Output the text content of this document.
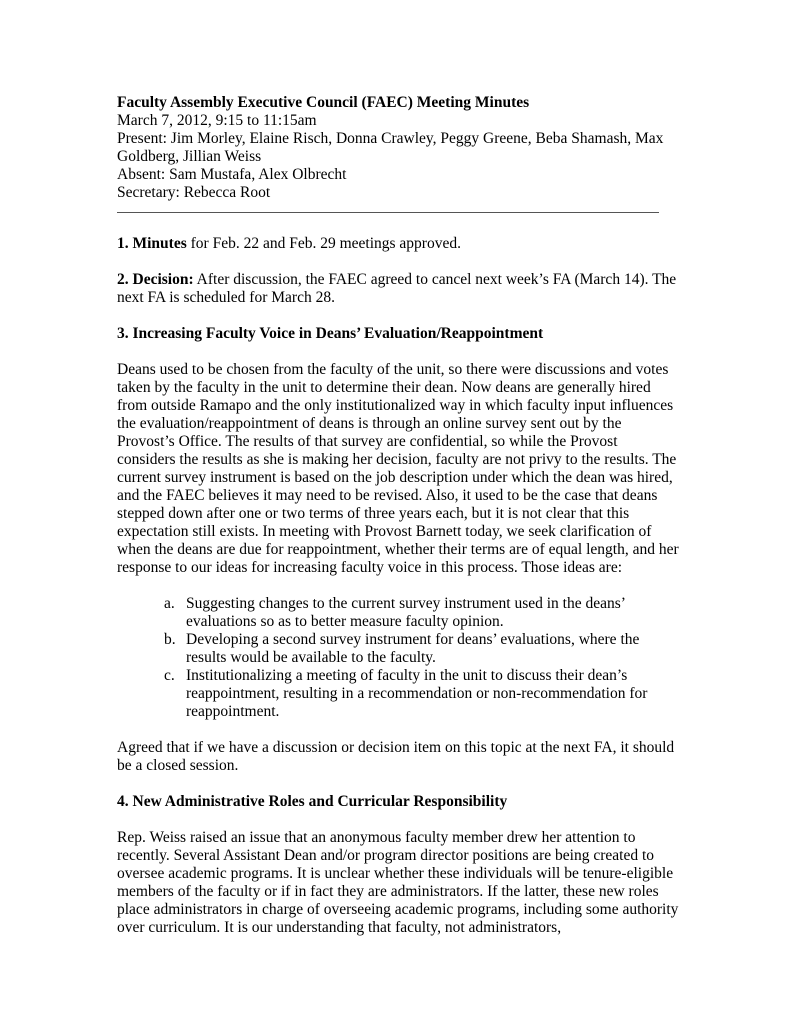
Faculty Assembly Executive Council (FAEC) Meeting Minutes

March 7, 2012, 9:15 to 11:15am

Present: Jim Morley, Elaine Risch, Donna Crawley, Peggy Greene, Beba Shamash, Max Goldberg, Jillian Weiss

Absent: Sam Mustafa, Alex Olbrecht

Secretary: Rebecca Root

1. Minutes for Feb. 22 and Feb. 29 meetings approved.

2. Decision: After discussion, the FAEC agreed to cancel next week’s FA (March 14). The next FA is scheduled for March 28.

3. Increasing Faculty Voice in Deans’ Evaluation/Reappointment

Deans used to be chosen from the faculty of the unit, so there were discussions and votes taken by the faculty in the unit to determine their dean. Now deans are generally hired from outside Ramapo and the only institutionalized way in which faculty input influences the evaluation/reappointment of deans is through an online survey sent out by the Provost’s Office. The results of that survey are confidential, so while the Provost considers the results as she is making her decision, faculty are not privy to the results. The current survey instrument is based on the job description under which the dean was hired, and the FAEC believes it may need to be revised. Also, it used to be the case that deans stepped down after one or two terms of three years each, but it is not clear that this expectation still exists. In meeting with Provost Barnett today, we seek clarification of when the deans are due for reappointment, whether their terms are of equal length, and her response to our ideas for increasing faculty voice in this process. Those ideas are:

a. Suggesting changes to the current survey instrument used in the deans’ evaluations so as to better measure faculty opinion.
b. Developing a second survey instrument for deans’ evaluations, where the results would be available to the faculty.
c. Institutionalizing a meeting of faculty in the unit to discuss their dean’s reappointment, resulting in a recommendation or non-recommendation for reappointment.

Agreed that if we have a discussion or decision item on this topic at the next FA, it should be a closed session.

4. New Administrative Roles and Curricular Responsibility

Rep. Weiss raised an issue that an anonymous faculty member drew her attention to recently. Several Assistant Dean and/or program director positions are being created to oversee academic programs. It is unclear whether these individuals will be tenure-eligible members of the faculty or if in fact they are administrators. If the latter, these new roles place administrators in charge of overseeing academic programs, including some authority over curriculum. It is our understanding that faculty, not administrators,
